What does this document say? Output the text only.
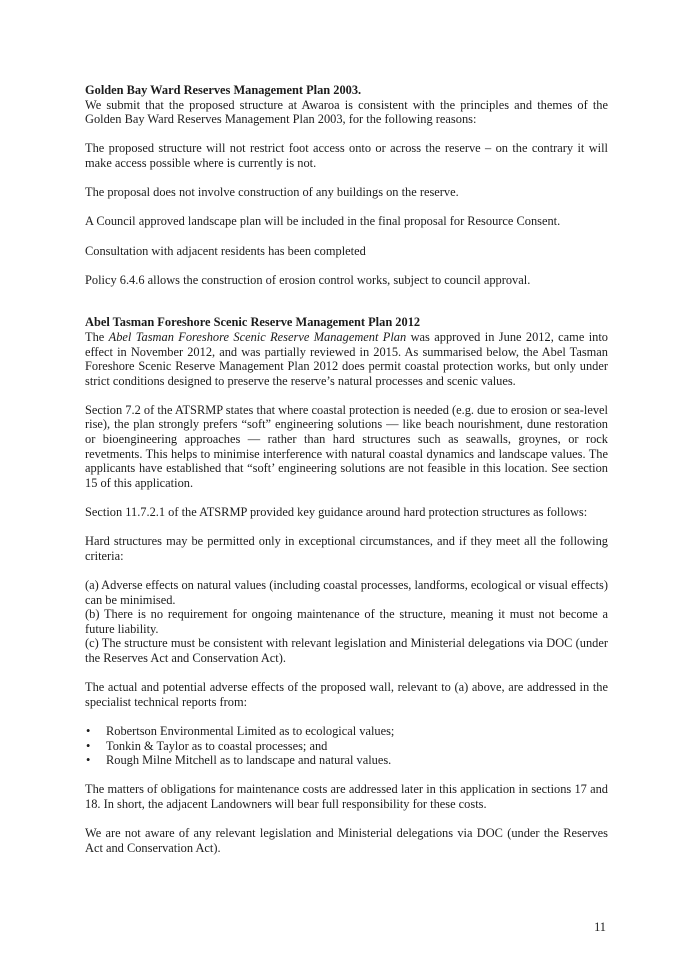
Golden Bay Ward Reserves Management Plan 2003.

We submit that the proposed structure at Awaroa is consistent with the principles and themes of the Golden Bay Ward Reserves Management Plan 2003, for the following reasons:

The proposed structure will not restrict foot access onto or across the reserve – on the contrary it will make access possible where is currently is not.

The proposal does not involve construction of any buildings on the reserve.

A Council approved landscape plan will be included in the final proposal for Resource Consent.

Consultation with adjacent residents has been completed

Policy 6.4.6 allows the construction of erosion control works, subject to council approval.

Abel Tasman Foreshore Scenic Reserve Management Plan 2012

The Abel Tasman Foreshore Scenic Reserve Management Plan was approved in June 2012, came into effect in November 2012, and was partially reviewed in 2015. As summarised below, the Abel Tasman Foreshore Scenic Reserve Management Plan 2012 does permit coastal protection works, but only under strict conditions designed to preserve the reserve’s natural processes and scenic values.

Section 7.2 of the ATSRMP states that where coastal protection is needed (e.g. due to erosion or sea-level rise), the plan strongly prefers “soft” engineering solutions — like beach nourishment, dune restoration or bioengineering approaches — rather than hard structures such as seawalls, groynes, or rock revetments. This helps to minimise interference with natural coastal dynamics and landscape values. The applicants have established that “soft’ engineering solutions are not feasible in this location. See section 15 of this application.

Section 11.7.2.1 of the ATSRMP provided key guidance around hard protection structures as follows:

Hard structures may be permitted only in exceptional circumstances, and if they meet all the following criteria:

(a) Adverse effects on natural values (including coastal processes, landforms, ecological or visual effects) can be minimised.

(b) There is no requirement for ongoing maintenance of the structure, meaning it must not become a future liability.

(c) The structure must be consistent with relevant legislation and Ministerial delegations via DOC (under the Reserves Act and Conservation Act).

The actual and potential adverse effects of the proposed wall, relevant to (a) above, are addressed in the specialist technical reports from:

• Robertson Environmental Limited as to ecological values;
• Tonkin & Taylor as to coastal processes; and
• Rough Milne Mitchell as to landscape and natural values.

The matters of obligations for maintenance costs are addressed later in this application in sections 17 and 18. In short, the adjacent Landowners will bear full responsibility for these costs.

We are not aware of any relevant legislation and Ministerial delegations via DOC (under the Reserves Act and Conservation Act).

11
